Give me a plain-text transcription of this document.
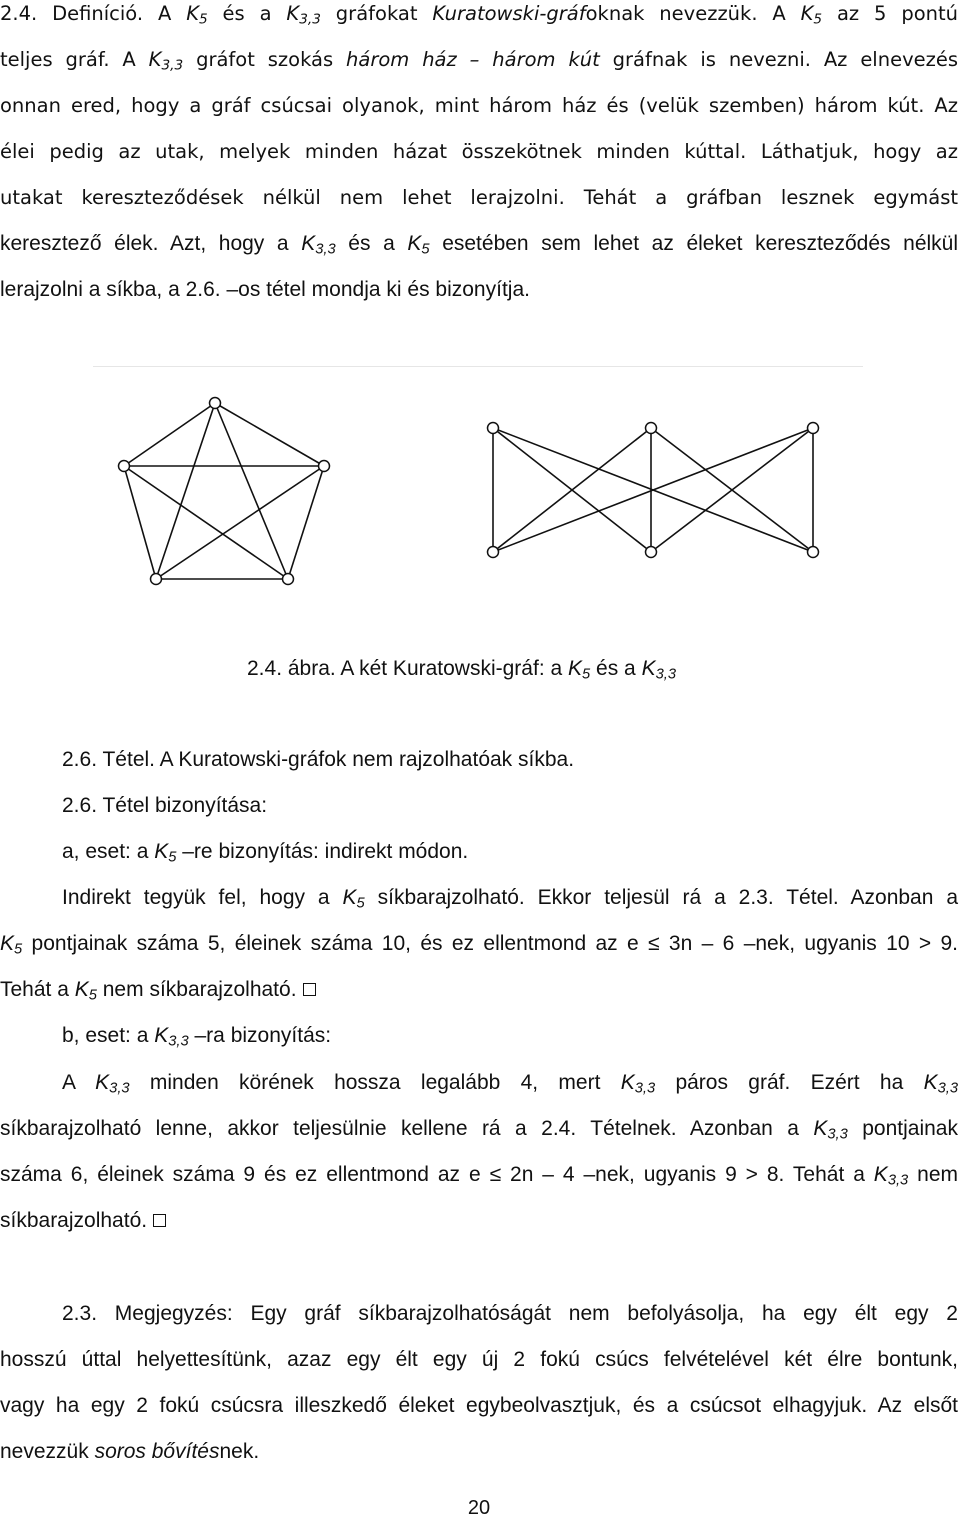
2.4. Definíció. A $K_5$ és a $K_{3,3}$ gráfokat Kuratowski-gráfoknak nevezzük. A $K_5$ az 5 pontú
teljes gráf. A $K_{3,3}$ gráfot szokás három ház – három kút gráfnak is nevezni. Az elnevezés
onnan ered, hogy a gráf csúcsai olyanok, mint három ház és (velük szemben) három kút. Az
élei pedig az utak, melyek minden házat összekötnek minden kúttal. Láthatjuk, hogy az
utakat kereszteződések nélkül nem lehet lerajzolni. Tehát a gráfban lesznek egymást
keresztező élek. Azt, hogy a $K_{3,3}$ és a $K_5$ esetében sem lehet az éleket kereszteződés nélkül
lerajzolni a síkba, a 2.6. –os tétel mondja ki és bizonyítja.
2.4. ábra. A két Kuratowski-gráf: a $K_5$ és a $K_{3,3}$
2.6. Tétel. A Kuratowski-gráfok nem rajzolhatóak síkba.
2.6. Tétel bizonyítása:
a, eset: a $K_5$ –re bizonyítás: indirekt módon.
Indirekt tegyük fel, hogy a $K_5$ síkbarajzolható. Ekkor teljesül rá a 2.3. Tétel. Azonban a
$K_5$ pontjainak száma 5, éleinek száma 10, és ez ellentmond az e ≤ 3n – 6 –nek, ugyanis 10 > 9.
Tehát a $K_5$ nem síkbarajzolható.
b, eset: a $K_{3,3}$ –ra bizonyítás:
A $K_{3,3}$ minden körének hossza legalább 4, mert $K_{3,3}$ páros gráf. Ezért ha $K_{3,3}$
síkbarajzolható lenne, akkor teljesülnie kellene rá a 2.4. Tételnek. Azonban a $K_{3,3}$ pontjainak
száma 6, éleinek száma 9 és ez ellentmond az e ≤ 2n – 4 –nek, ugyanis 9 > 8. Tehát a $K_{3,3}$ nem
síkbarajzolható.
2.3. Megjegyzés: Egy gráf síkbarajzolhatóságát nem befolyásolja, ha egy élt egy 2
hosszú úttal helyettesítünk, azaz egy élt egy új 2 fokú csúcs felvételével két élre bontunk,
vagy ha egy 2 fokú csúcsra illeszkedő éleket egybeolvasztjuk, és a csúcsot elhagyjuk. Az elsőt
nevezzük soros bővítésnek.
20
